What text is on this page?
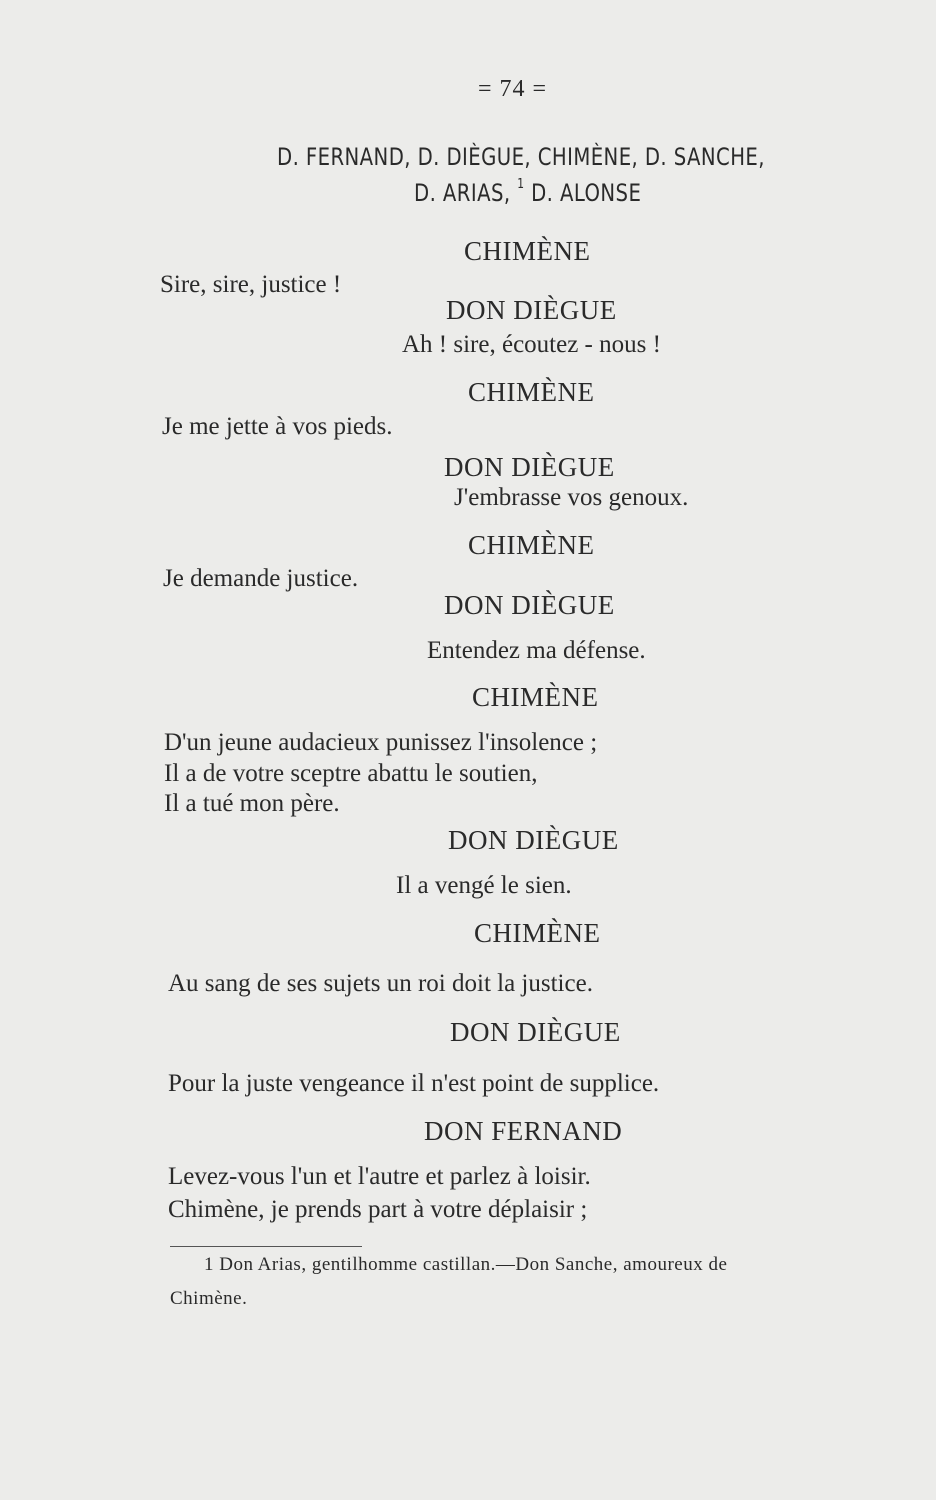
= 74 =
D. FERNAND, D. DIÈGUE, CHIMÈNE, D. SANCHE,
D. ARIAS, $^1$ D. ALONSE
CHIMÈNE
Sire, sire, justice !
DON DIÈGUE
Ah ! sire, écoutez - nous !
CHIMÈNE
Je me jette à vos pieds.
DON DIÈGUE
J'embrasse vos genoux.
CHIMÈNE
Je demande justice.
DON DIÈGUE
Entendez ma défense.
CHIMÈNE
D'un jeune audacieux punissez l'insolence ;
Il a de votre sceptre abattu le soutien,
Il a tué mon père.
DON DIÈGUE
Il a vengé le sien.
CHIMÈNE
Au sang de ses sujets un roi doit la justice.
DON DIÈGUE
Pour la juste vengeance il n'est point de supplice.
DON FERNAND
Levez-vous l'un et l'autre et parlez à loisir.
Chimène, je prends part à votre déplaisir ;
1 Don Arias, gentilhomme castillan.—Don Sanche, amoureux de
Chimène.
